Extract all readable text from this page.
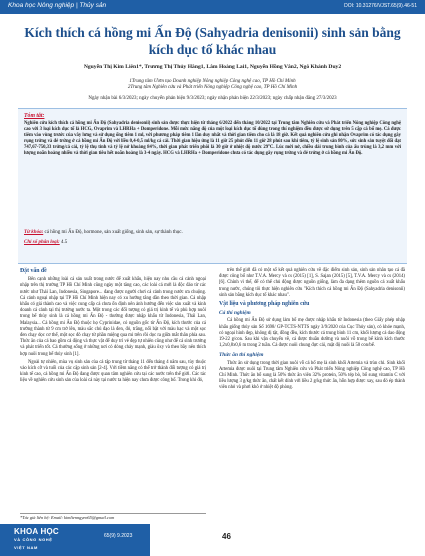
Khoa học Nông nghiệp | Thủy sản	DOI: 10.31276/VJST.65(9).46-51
Kích thích cá hồng mi Ấn Độ (Sahyadria denisonii) sinh sản bằng kích dục tố khác nhau
Nguyễn Thị Kim Liên1*, Trương Thị Thủy Hằng1, Lâm Hoàng Lai1, Nguyễn Hồng Vân2, Ngô Khánh Duy2
1Trung tâm Ươm tạo Doanh nghiệp Nông nghiệp Công nghệ cao, TP Hồ Chí Minh
2Trung tâm Nghiên cứu và Phát triển Nông nghiệp Công nghệ cao, TP Hồ Chí Minh
Ngày nhận bài 6/3/2023; ngày chuyển phản biện 9/3/2023; ngày nhận phản biện 22/3/2023; ngày chấp nhận đăng 27/3/2023
Tóm tắt:
Nghiên cứu kích thích cá hồng mi Ấn Độ (Sahyadria denisonii) sinh sản được thực hiện từ tháng 6/2022 đến tháng 10/2022 tại Trung tâm Nghiên cứu và Phát triển Nông nghiệp Công nghệ cao với 3 loại kích dục tố là HCG, Ovaprim và LHRHa + Domperidone. Mỗi mức năng độ của một loại kích dục tố dùng trong thí nghiệm đều được sử dụng trên 5 cặp cá bố mẹ. Cá được tiêm vào vùng trước của vây lưng và sử dụng ống tiêm 1 ml, với phương pháp tiêm 1 lần duy nhất và thời gian tiêm cho cá là 18 giờ. Kết quả nghiên cứu ghi nhận Ovaprim có tác dụng gây rụng trứng và đẻ trứng ở cá hồng mi Ấn Độ với liều 0,4-0,5 ml/kg cá cái. Thời gian hiệu ứng là 11 giờ 25 phút đến 11 giờ 28 phút sau khi tiêm, tỷ lệ sinh sản 80%, sức sinh sản tuyệt đối đạt 747,67-750,33 trứng/cá cái, tỷ lệ thụ tinh và tỷ lệ nở khoảng 84%, thời gian phát triển phôi là 30 giờ ở nhiệt độ nước 29°C. Lúc mới nở, chiều dài trung bình của ấu trùng là 3,2 mm với lượng noãn hoàng nhiều và thời gian tiêu hết noãn hoàng là 3-4 ngày. HCG và LHRHa + Domperidone chưa có tác dụng gây rụng trứng và đẻ trứng ở cá hồng mi Ấn Độ.
Từ khóa: cá hồng mi Ấn Độ, hormone, sản xuất giống, sinh sản, sự thành thục.
Chỉ số phân loại: 4.5
Đặt vấn đề

Bên cạnh những loài cá sản xuất trong nước để xuất khẩu, hiện nay nhu cầu cá cảnh ngoại nhập trên thị trường TP Hồ Chí Minh cũng ngày một tăng cao, các loài cá mới là độc đáo từ các nước như Thái Lan, Indonesia, Singapore... đang được người chơi cá cảnh trong nước ưa chuộng. Cá cảnh ngoại nhập tại TP Hồ Chí Minh hiện nay có xu hướng tăng dần theo thời gian. Cá nhập khẩu có giá thành cao và việc cung cấp cá chưa ổn định nên ảnh hưởng đến việc sản xuất và kinh doanh cá cảnh tại thị trường nước ta. Một trong các đối tượng có giá trị kinh tế và phù hợp nuôi trong bể thủy sinh là cá hồng mi Ấn Độ - thường được nhập khẩu từ Indonesia, Thái Lan, Malaysia... Cá hồng mi Ấn Độ thuộc họ Cyprinidae, có nguồn gốc từ Ấn Độ, kích thước của cá trưởng thành từ 9 cm trở lên, màu sắc chủ đạo là đen, đỏ, trắng, nổi bật với màu hạc và một sọc đen chạy dọc cơ thể, một sọc đỏ chạy từ phần miệng qua mi trên rồi dọc ra giữa mắt thân phía sau. Thức ăn của cá bao gồm cả động và thực vật để duy trì vẻ đẹp tự nhiên cũng như để cá sinh trưởng và phát triển tốt. Cá thường sống ở những nơi có dòng chảy mạnh, giàu ôxy và theo bầy nên thích hợp nuôi trong bể thủy sinh [1].

Ngoài tự nhiên, mùa vụ sinh sản của cá tập trung từ tháng 11 đến tháng 4 năm sau, tùy thuộc vào kích cỡ và tuổi của các cặp sinh sản [2-4]. Với tiềm năng có thể trở thành đối tượng có giá trị kinh tế cao, cá hồng mi Ấn Độ đang được quan tâm nghiên cứu tại các nước trên thế giới. Các tác liệu về nghiên cứu sinh sản của loài cá này tại nước ta hiện nay chưa được công bố. Trong khi đó,

trên thế giới đã có một số kết quả nghiên cứu về đặc điểm sinh sản, sinh sản nhân tạo cá đã được công bố như T.V.A. Mercy và cs (2015) [1], S. Sajan (2015) [5], T.V.A. Mercy và cs (2014) [6]. Chính vì thế, để có thể chủ động được nguồn giống, làm đa dạng thêm nguồn cá xuất khẩu trong nước, chúng tôi thực hiện nghiên cứu "Kích thích cá hồng mi Ấn Độ (Sahyadria denisonii) sinh sản bằng kích dục tố khác nhau".

Vật liệu và phương pháp nghiên cứu
Cá thí nghiệm

Cá hồng mi Ấn Độ sử dụng làm bố mẹ được nhập khẩu từ Indonesia (theo Giấy phép nhập khẩu giống thủy sản Số 1698/ GP-TCTS-NTTS ngày 3/9/2020 của Cục Thủy sản), có khỏe mạnh, có ngoại hình đẹp, không dị tật, đồng đều, kích thước cá trung bình 11 cm, khối lượng cá dao động 19-22 g/con. Sau khi vận chuyển về, cá được thuần dưỡng và nuôi vỗ trong bể kính kích thước 1,2x0,8x0,6 m trong 2 tuần. Cá được nuôi chung đực cái, mật độ nuôi là 50 con/bể.

Thức ăn thí nghiệm

Thức ăn sử dụng trong thời gian nuôi vỗ cá bố mẹ là sinh khối Artemia và trùn chỉ. Sinh khối Artemia được nuôi tại Trung tâm Nghiên cứu và Phát triển Nông nghiệp Công nghệ cao, TP Hồ Chí Minh. Thức ăn bổ sung là 50% thức ăn viên 32% protein, 50% tép bò, bổ sung vitamin C với liều lượng 3 g/kg thức ăn, chất kết dính với liều 2 g/kg thức ăn, hỗn hợp được xay, sau đó ép thành viên nhỏ và phơi khô ở nhiệt độ phòng.

*Tác giả liên hệ: Email: kimlienngyen65@gmail.com
KHOA HỌC
VÀ CÔNG NGHỆ
VIỆT NAM
65(9) 9.2023	46
